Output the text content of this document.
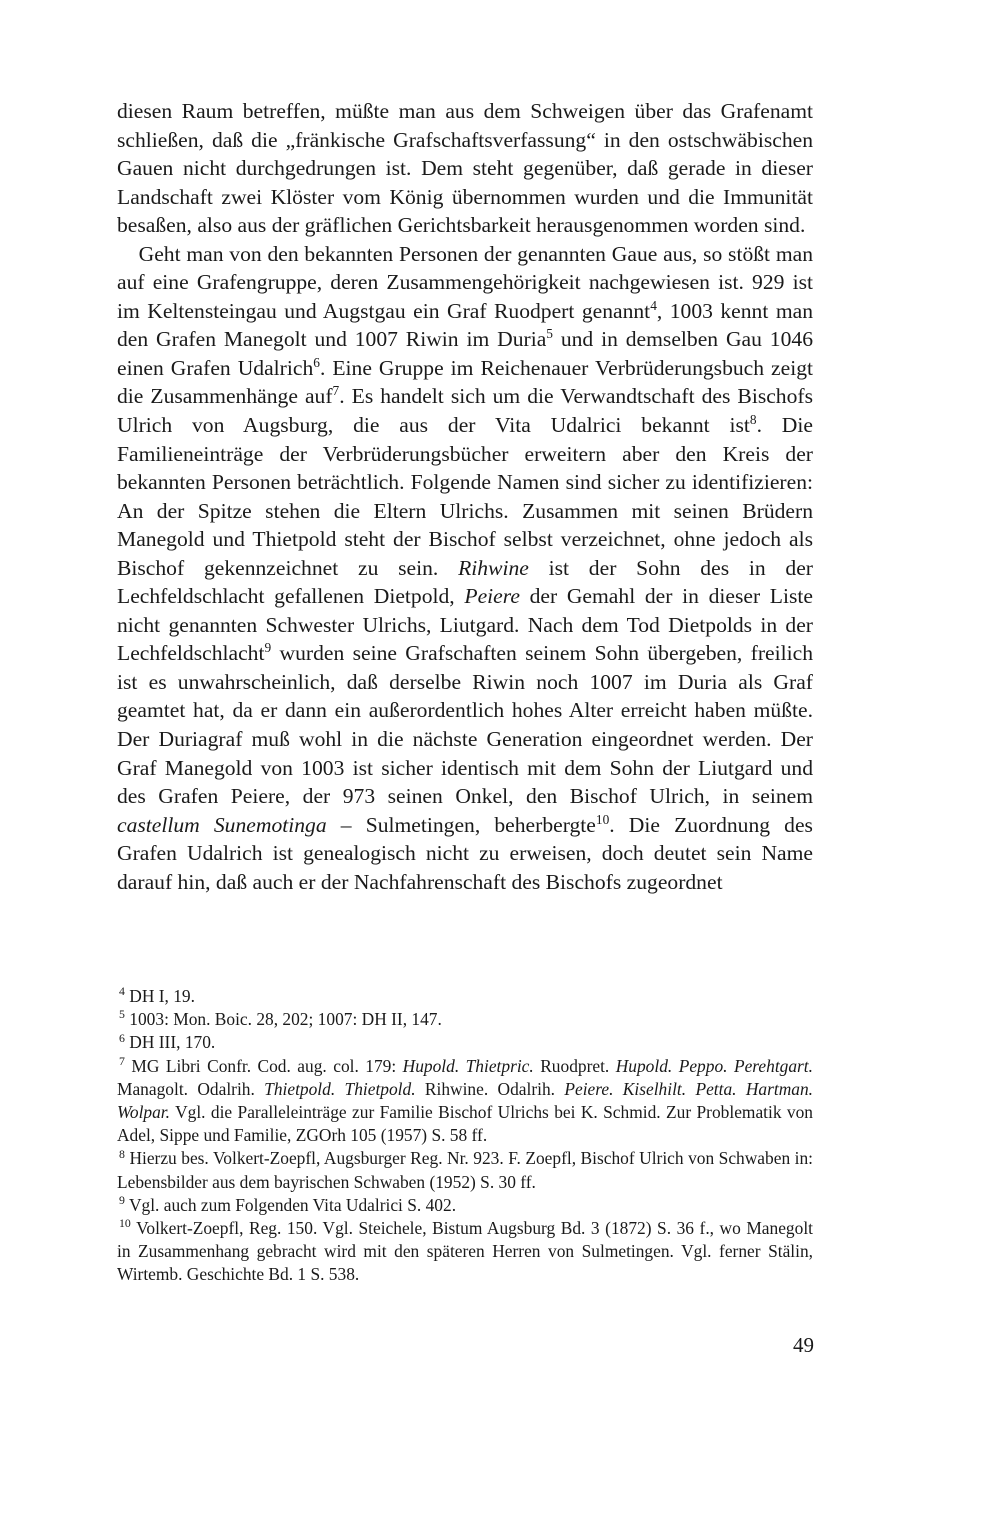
diesen Raum betreffen, müßte man aus dem Schweigen über das Grafenamt schließen, daß die „fränkische Grafschaftsverfassung“ in den ostschwäbischen Gauen nicht durchgedrungen ist. Dem steht gegenüber, daß gerade in dieser Landschaft zwei Klöster vom König übernommen wurden und die Immunität besaßen, also aus der gräflichen Gerichtsbarkeit herausgenommen worden sind.

 Geht man von den bekannten Personen der genannten Gaue aus, so stößt man auf eine Grafengruppe, deren Zusammengehörigkeit nachgewiesen ist. 929 ist im Keltensteingau und Augstgau ein Graf Ruodpert genannt$^4$, 1003 kennt man den Grafen Manegolt und 1007 Riwin im Duria$^5$ und in demselben Gau 1046 einen Grafen Udalrich$^6$. Eine Gruppe im Reichenauer Verbrüderungsbuch zeigt die Zusammenhänge auf$^7$. Es handelt sich um die Verwandtschaft des Bischofs Ulrich von Augsburg, die aus der Vita Udalrici bekannt ist$^8$. Die Familieneinträge der Verbrüderungsbücher erweitern aber den Kreis der bekannten Personen beträchtlich. Folgende Namen sind sicher zu identifizieren: An der Spitze stehen die Eltern Ulrichs. Zusammen mit seinen Brüdern Manegold und Thietpold steht der Bischof selbst verzeichnet, ohne jedoch als Bischof gekennzeichnet zu sein. Rihwine ist der Sohn des in der Lechfeldschlacht gefallenen Dietpold, Peiere der Gemahl der in dieser Liste nicht genannten Schwester Ulrichs, Liutgard. Nach dem Tod Dietpolds in der Lechfeldschlacht$^9$ wurden seine Grafschaften seinem Sohn übergeben, freilich ist es unwahrscheinlich, daß derselbe Riwin noch 1007 im Duria als Graf geamtet hat, da er dann ein außerordentlich hohes Alter erreicht haben müßte. Der Duriagraf muß wohl in die nächste Generation eingeordnet werden. Der Graf Manegold von 1003 ist sicher identisch mit dem Sohn der Liutgard und des Grafen Peiere, der 973 seinen Onkel, den Bischof Ulrich, in seinem castellum Sunemotinga – Sulmetingen, beherbergte$^{10}$. Die Zuordnung des Grafen Udalrich ist genealogisch nicht zu erweisen, doch deutet sein Name darauf hin, daß auch er der Nachfahrenschaft des Bischofs zugeordnet

$^4$ DH I, 19.
$^5$ 1003: Mon. Boic. 28, 202; 1007: DH II, 147.
$^6$ DH III, 170.
$^7$ MG Libri Confr. Cod. aug. col. 179: Hupold. Thietpric. Ruodpret. Hupold. Peppo. Perehtgart. Managolt. Odalrih. Thietpold. Thietpold. Rihwine. Odalrih. Peiere. Kiselhilt. Petta. Hartman. Wolpar. Vgl. die Paralleleinträge zur Familie Bischof Ulrichs bei K. Schmid. Zur Problematik von Adel, Sippe und Familie, ZGOrh 105 (1957) S. 58 ff.
$^8$ Hierzu bes. Volkert-Zoepfl, Augsburger Reg. Nr. 923. F. Zoepfl, Bischof Ulrich von Schwaben in: Lebensbilder aus dem bayrischen Schwaben (1952) S. 30 ff.
$^9$ Vgl. auch zum Folgenden Vita Udalrici S. 402.
$^{10}$ Volkert-Zoepfl, Reg. 150. Vgl. Steichele, Bistum Augsburg Bd. 3 (1872) S. 36 f., wo Manegolt in Zusammenhang gebracht wird mit den späteren Herren von Sulmetingen. Vgl. ferner Stälin, Wirtemb. Geschichte Bd. 1 S. 538.
49
